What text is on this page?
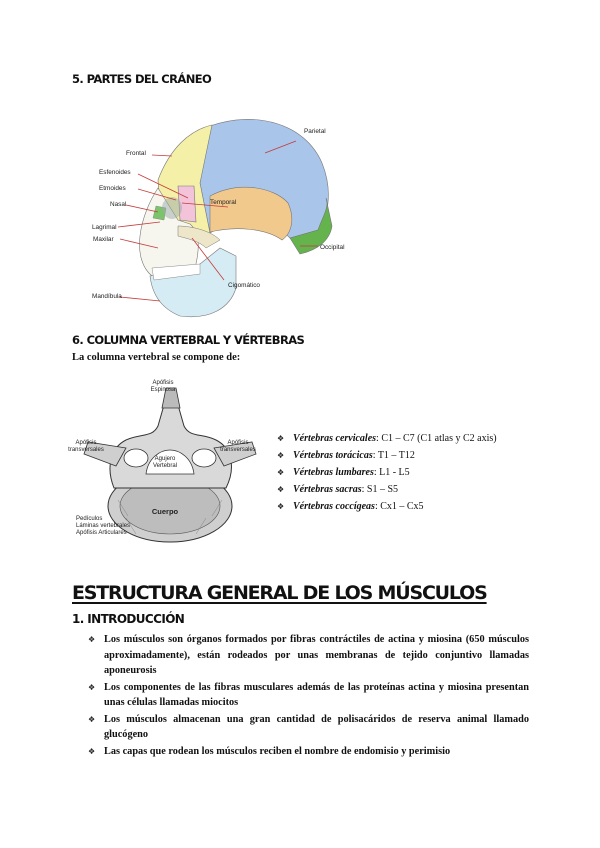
5. PARTES DEL CRÁNEO
Parietal
Frontal
Esfenoides
Etmoides
Nasal
Lagrimal
Maxilar
Temporal
Occipital
Cigomático
Mandíbula
6. COLUMNA VERTEBRAL Y VÉRTEBRAS
La columna vertebral se compone de:
Apófisis Espinosa
Apófisis transversales
Apófisis transversales
Agujero Vertebral
Cuerpo
Pedículos
Láminas vertebrales
Apófisis Articulares
❖ Vértebras cervicales: C1 – C7 (C1 atlas y C2 axis)
❖ Vértebras torácicas: T1 – T12
❖ Vértebras lumbares: L1 - L5
❖ Vértebras sacras: S1 – S5
❖ Vértebras coccígeas: Cx1 – Cx5
ESTRUCTURA GENERAL DE LOS MÚSCULOS
1. INTRODUCCIÓN
❖ Los músculos son órganos formados por fibras contráctiles de actina y miosina (650 músculos aproximadamente), están rodeados por unas membranas de tejido conjuntivo llamadas aponeurosis
❖ Los componentes de las fibras musculares además de las proteínas actina y miosina presentan unas células llamadas miocitos
❖ Los músculos almacenan una gran cantidad de polisacáridos de reserva animal llamado glucógeno
❖ Las capas que rodean los músculos reciben el nombre de endomisio y perimisio
